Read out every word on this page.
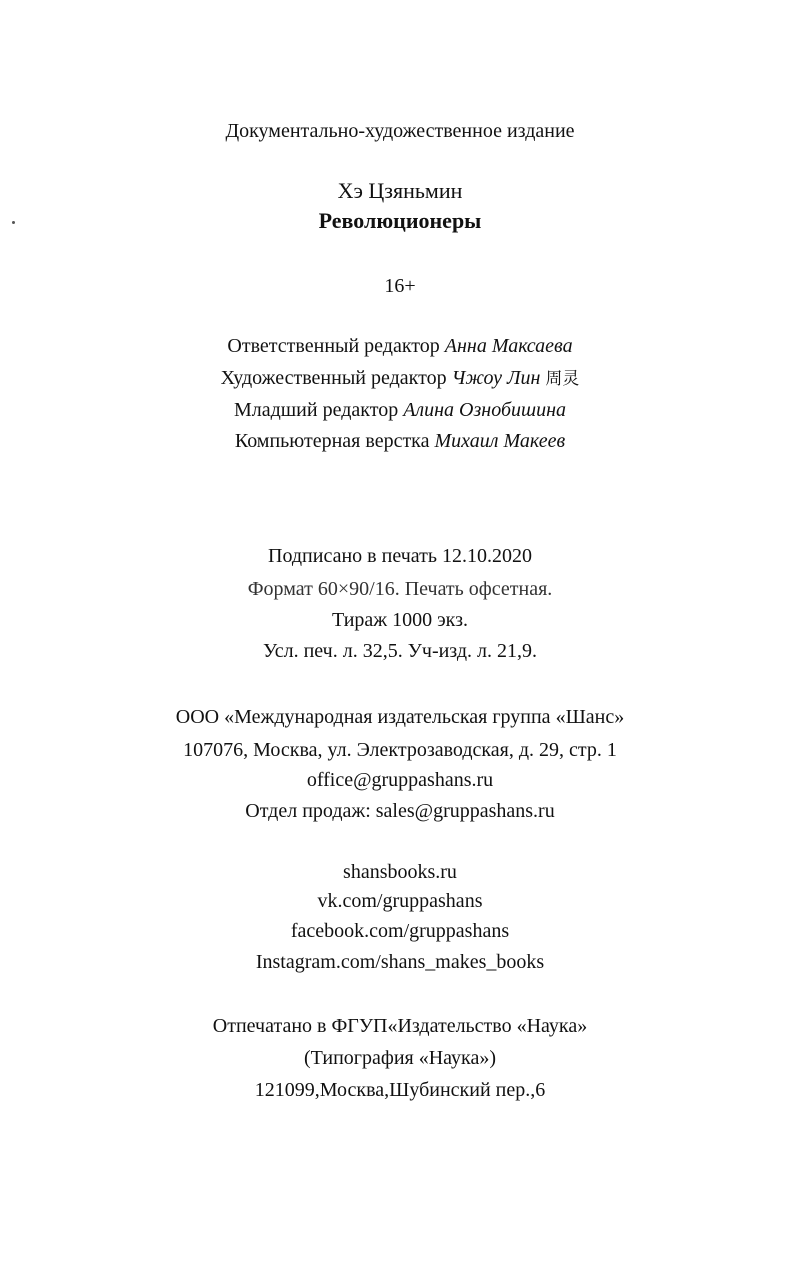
Документально-художественное издание
Хэ Цзяньмин
Революционеры
16+
Ответственный редактор Анна Максаева
Художественный редактор Чжоу Лин 周灵
Младший редактор Алина Ознобишина
Компьютерная верстка Михаил Макеев
Подписано в печать 12.10.2020
Формат 60×90/16. Печать офсетная.
Тираж 1000 экз.
Усл. печ. л. 32,5. Уч-изд. л. 21,9.
ООО «Международная издательская группа «Шанс»
107076, Москва, ул. Электрозаводская, д. 29, стр. 1
office@gruppashans.ru
Отдел продаж: sales@gruppashans.ru
shansbooks.ru
vk.com/gruppashans
facebook.com/gruppashans
Instagram.com/shans_makes_books
Отпечатано в ФГУП«Издательство «Наука»
(Типография «Наука»)
121099,Москва,Шубинский пер.,6
